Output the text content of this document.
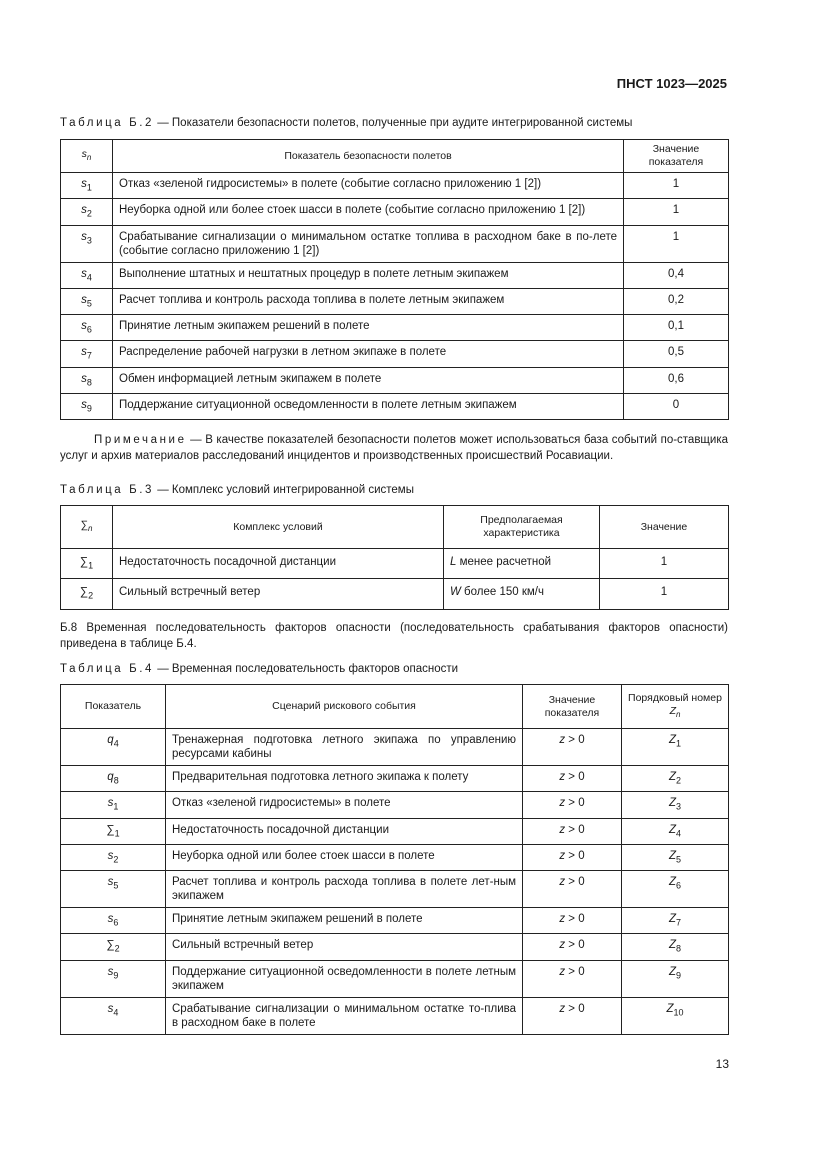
ПНСТ 1023—2025
Таблица Б.2 — Показатели безопасности полетов, полученные при аудите интегрированной системы
$s_n$	Показатель безопасности полетов	Значение показателя
$s_1$	Отказ «зеленой гидросистемы» в полете (событие согласно приложению 1 [2])	1
$s_2$	Неуборка одной или более стоек шасси в полете (событие согласно приложению 1 [2])	1
$s_3$	Срабатывание сигнализации о минимальном остатке топлива в расходном баке в по-лете (событие согласно приложению 1 [2])	1
$s_4$	Выполнение штатных и нештатных процедур в полете летным экипажем	0,4
$s_5$	Расчет топлива и контроль расхода топлива в полете летным экипажем	0,2
$s_6$	Принятие летным экипажем решений в полете	0,1
$s_7$	Распределение рабочей нагрузки в летном экипаже в полете	0,5
$s_8$	Обмен информацией летным экипажем в полете	0,6
$s_9$	Поддержание ситуационной осведомленности в полете летным экипажем	0
Примечание — В качестве показателей безопасности полетов может использоваться база событий по-ставщика услуг и архив материалов расследований инцидентов и производственных происшествий Росавиации.
Таблица Б.3 — Комплекс условий интегрированной системы
$\sum_n$	Комплекс условий	Предполагаемая характеристика	Значение
$\sum_1$	Недостаточность посадочной дистанции	L менее расчетной	1
$\sum_2$	Сильный встречный ветер	W более 150 км/ч	1
Б.8 Временная последовательность факторов опасности (последовательность срабатывания факторов опасности) приведена в таблице Б.4.
Таблица Б.4 — Временная последовательность факторов опасности
Показатель	Сценарий рискового события	Значение показателя	Порядковый номер $Z_n$
$q_4$	Тренажерная подготовка летного экипажа по управлению ресурсами кабины	z > 0	$Z_1$
$q_8$	Предварительная подготовка летного экипажа к полету	z > 0	$Z_2$
$s_1$	Отказ «зеленой гидросистемы» в полете	z > 0	$Z_3$
$\sum_1$	Недостаточность посадочной дистанции	z > 0	$Z_4$
$s_2$	Неуборка одной или более стоек шасси в полете	z > 0	$Z_5$
$s_5$	Расчет топлива и контроль расхода топлива в полете лет-ным экипажем	z > 0	$Z_6$
$s_6$	Принятие летным экипажем решений в полете	z > 0	$Z_7$
$\sum_2$	Сильный встречный ветер	z > 0	$Z_8$
$s_9$	Поддержание ситуационной осведомленности в полете летным экипажем	z > 0	$Z_9$
$s_4$	Срабатывание сигнализации о минимальном остатке то-плива в расходном баке в полете	z > 0	$Z_{10}$
13
